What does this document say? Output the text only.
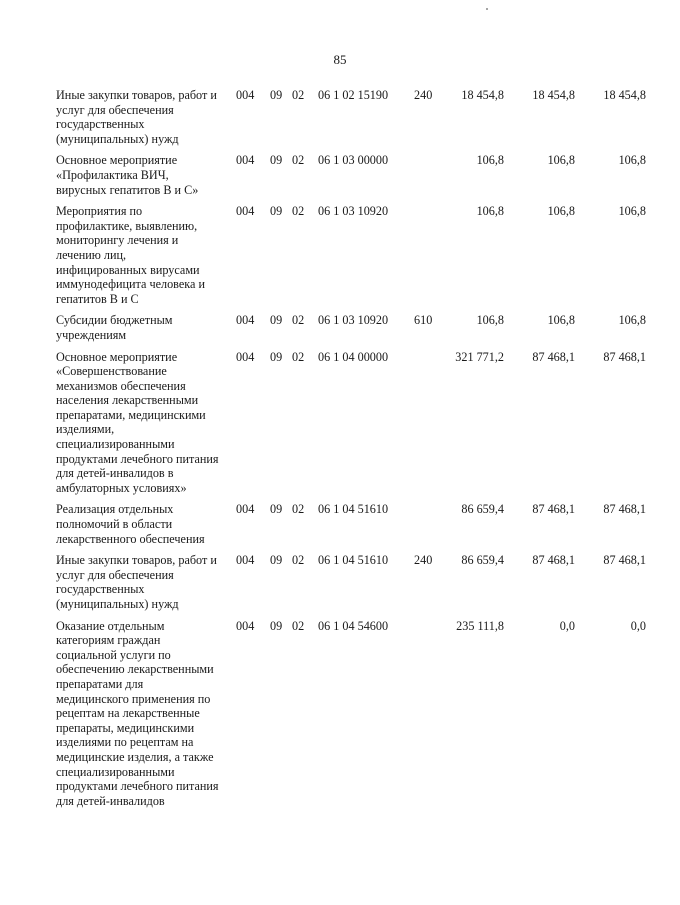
85
Иные закупки товаров, работ и
услуг для обеспечения
государственных
(муниципальных) нужд
004	09 02	06 1 02 15190	240	18 454,8	18 454,8	18 454,8
Основное мероприятие
«Профилактика ВИЧ,
вирусных гепатитов В и С»
004	09 02	06 1 03 00000	106,8	106,8	106,8
Мероприятия по
профилактике, выявлению,
мониторингу лечения и
лечению лиц,
инфицированных вирусами
иммунодефицита человека и
гепатитов В и С
004	09 02	06 1 03 10920	106,8	106,8	106,8
Субсидии бюджетным
учреждениям
004	09 02	06 1 03 10920	610	106,8	106,8	106,8
Основное мероприятие
«Совершенствование
механизмов обеспечения
населения лекарственными
препаратами, медицинскими
изделиями,
специализированными
продуктами лечебного питания
для детей-инвалидов в
амбулаторных условиях»
004	09 02	06 1 04 00000	321 771,2	87 468,1	87 468,1
Реализация отдельных
полномочий в области
лекарственного обеспечения
004	09 02	06 1 04 51610	86 659,4	87 468,1	87 468,1
Иные закупки товаров, работ и
услуг для обеспечения
государственных
(муниципальных) нужд
004	09 02	06 1 04 51610	240	86 659,4	87 468,1	87 468,1
Оказание отдельным
категориям граждан
социальной услуги по
обеспечению лекарственными
препаратами для
медицинского применения по
рецептам на лекарственные
препараты, медицинскими
изделиями по рецептам на
медицинские изделия, а также
специализированными
продуктами лечебного питания
для детей-инвалидов
004	09 02	06 1 04 54600	235 111,8	0,0	0,0
